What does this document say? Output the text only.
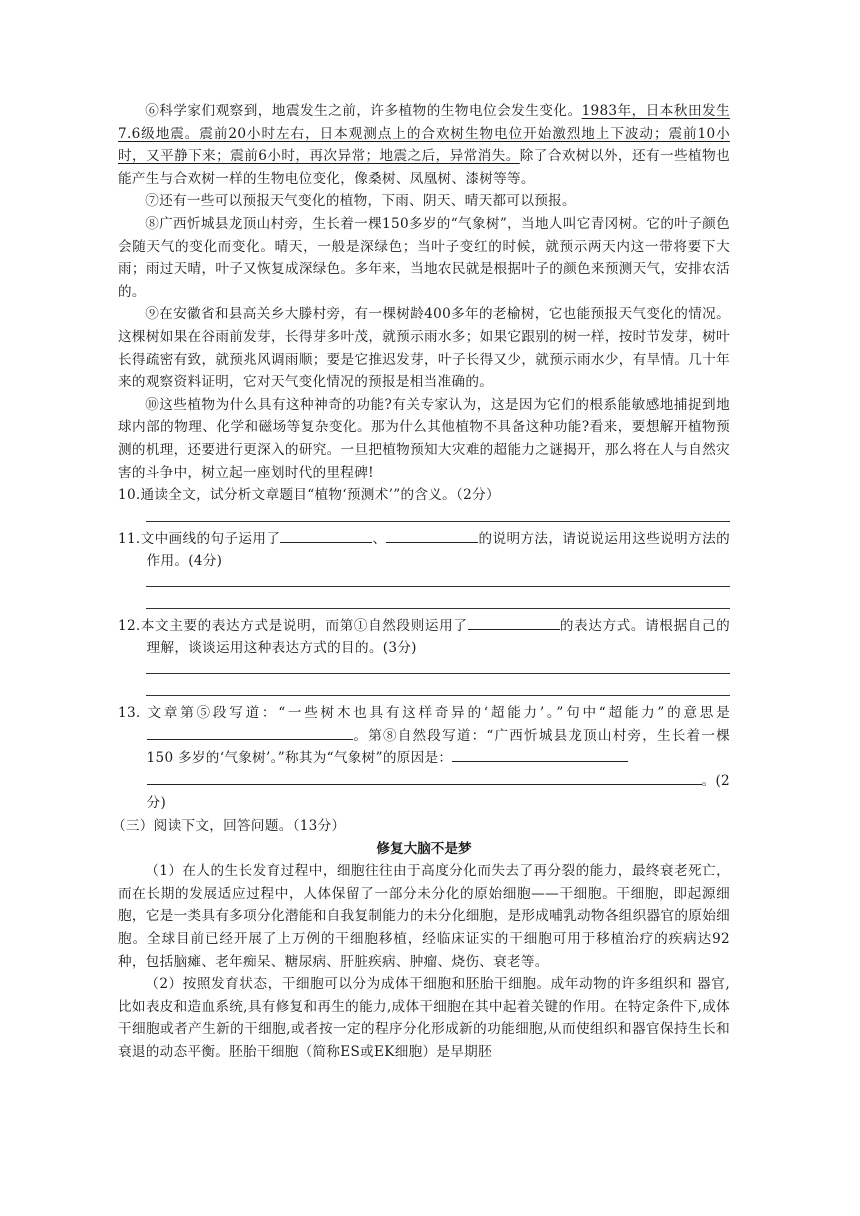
⑥科学家们观察到，地震发生之前，许多植物的生物电位会发生变化。1983年，日本秋田发生7.6级地震。震前20小时左右，日本观测点上的合欢树生物电位开始激烈地上下波动；震前10小时，又平静下来；震前6小时，再次异常；地震之后，异常消失。除了合欢树以外，还有一些植物也能产生与合欢树一样的生物电位变化，像桑树、凤凰树、漆树等等。

⑦还有一些可以预报天气变化的植物，下雨、阴天、晴天都可以预报。

⑧广西忻城县龙顶山村旁，生长着一棵150多岁的“气象树”，当地人叫它青冈树。它的叶子颜色会随天气的变化而变化。晴天，一般是深绿色；当叶子变红的时候，就预示两天内这一带将要下大雨；雨过天晴，叶子又恢复成深绿色。多年来，当地农民就是根据叶子的颜色来预测天气，安排农活的。

⑨在安徽省和县高关乡大滕村旁，有一棵树龄400多年的老榆树，它也能预报天气变化的情况。这棵树如果在谷雨前发芽，长得芽多叶茂，就预示雨水多；如果它跟别的树一样，按时节发芽，树叶长得疏密有致，就预兆风调雨顺；要是它推迟发芽，叶子长得又少，就预示雨水少，有旱情。几十年来的观察资料证明，它对天气变化情况的预报是相当准确的。

⑩这些植物为什么具有这种神奇的功能?有关专家认为，这是因为它们的根系能敏感地捕捉到地球内部的物理、化学和磁场等复杂变化。那为什么其他植物不具备这种功能?看来，要想解开植物预测的机理，还要进行更深入的研究。一旦把植物预知大灾难的超能力之谜揭开，那么将在人与自然灾害的斗争中，树立起一座划时代的里程碑!

10.通读全文，试分析文章题目“植物‘预测术’”的含义。（2分）

11.文中画线的句子运用了	、	的说明方法，请说说运用这些说明方法的作用。(4分)

12.本文主要的表达方式是说明，而第①自然段则运用了	的表达方式。请根据自己的理解，谈谈运用这种表达方式的目的。(3分)

13. 文章第⑤段写道：“一些树木也具有这样奇异的‘超能力’。”句中“超能力”的意思是。第⑧自然段写道：“广西忻城县龙顶山村旁，生长着一棵150 多岁的‘气象树’。”称其为“气象树”的原因是：
。(2分)

（三）阅读下文，回答问题。（13分）

修复大脑不是梦

（1）在人的生长发育过程中，细胞往往由于高度分化而失去了再分裂的能力，最终衰老死亡，而在长期的发展适应过程中，人体保留了一部分未分化的原始细胞——干细胞。干细胞，即起源细胞，它是一类具有多项分化潜能和自我复制能力的未分化细胞，是形成哺乳动物各组织器官的原始细胞。全球目前已经开展了上万例的干细胞移植，经临床证实的干细胞可用于移植治疗的疾病达92种，包括脑瘫、老年痴呆、糖尿病、肝脏疾病、肿瘤、烧伤、衰老等。

（2）按照发育状态，干细胞可以分为成体干细胞和胚胎干细胞。成年动物的许多组织和 器官,比如表皮和造血系统,具有修复和再生的能力,成体干细胞在其中起着关键的作用。在特定条件下,成体干细胞或者产生新的干细胞,或者按一定的程序分化形成新的功能细胞,从而使组织和器官保持生长和衰退的动态平衡。胚胎干细胞（简称ES或EK细胞）是早期胚
